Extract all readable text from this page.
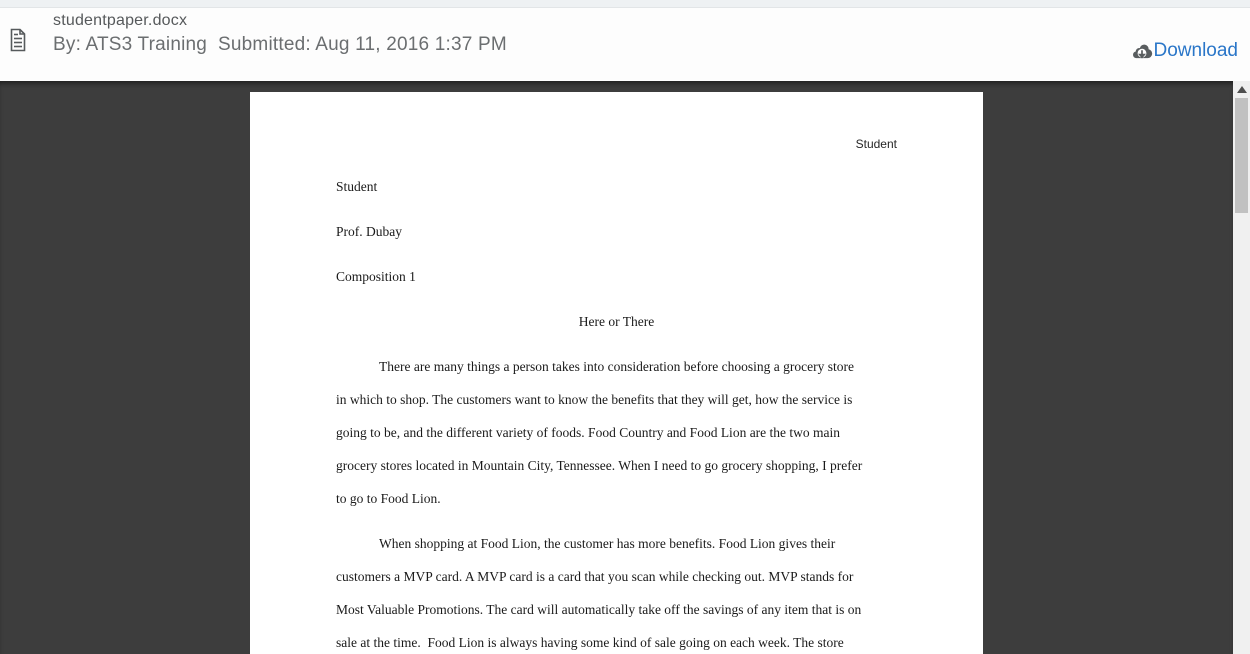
studentpaper.docx
By: ATS3 Training  Submitted: Aug 11, 2016 1:37 PM	Download
Student
Student
Prof. Dubay
Composition 1
Here or There
There are many things a person takes into consideration before choosing a grocery store
in which to shop. The customers want to know the benefits that they will get, how the service is
going to be, and the different variety of foods. Food Country and Food Lion are the two main
grocery stores located in Mountain City, Tennessee. When I need to go grocery shopping, I prefer
to go to Food Lion.
When shopping at Food Lion, the customer has more benefits. Food Lion gives their
customers a MVP card. A MVP card is a card that you scan while checking out. MVP stands for
Most Valuable Promotions. The card will automatically take off the savings of any item that is on
sale at the time.  Food Lion is always having some kind of sale going on each week. The store
